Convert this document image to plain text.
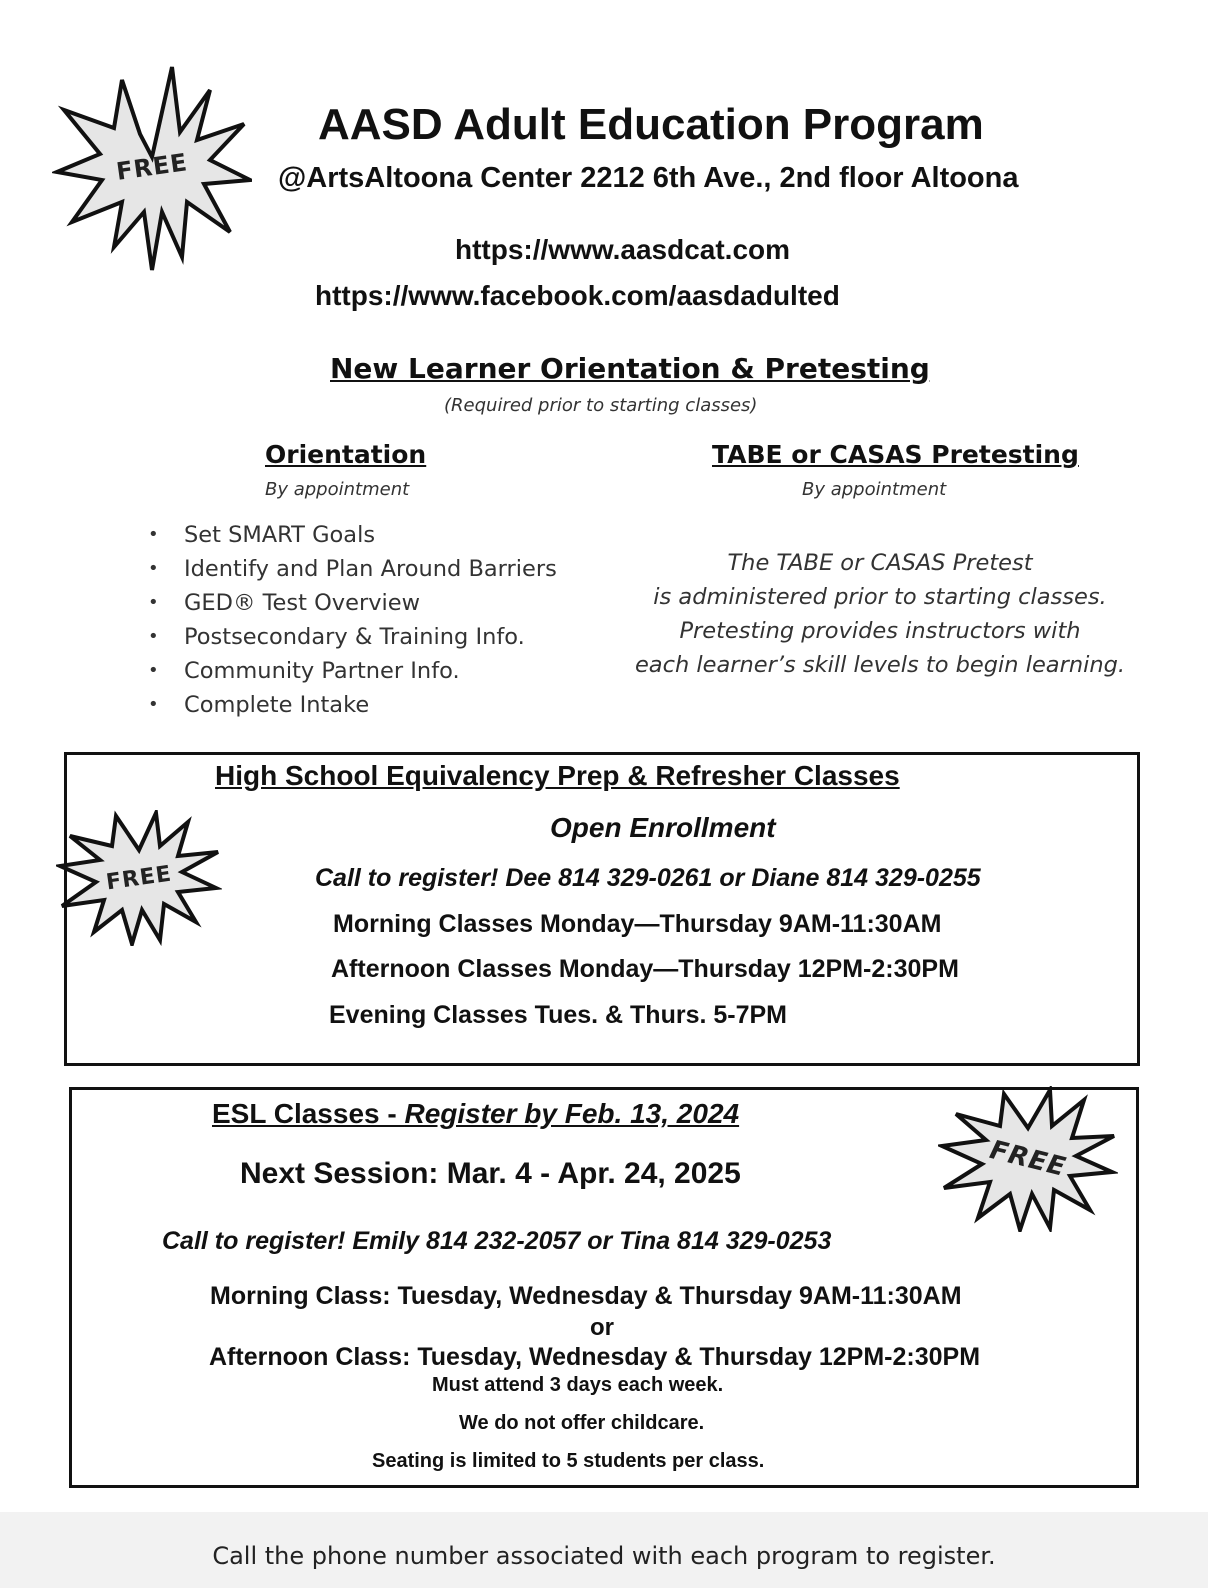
FREE
AASD Adult Education Program
@ArtsAltoona Center 2212 6th Ave., 2nd floor Altoona
https://www.aasdcat.com
https://www.facebook.com/aasdadulted
New Learner Orientation & Pretesting
(Required prior to starting classes)
Orientation
By appointment
• Set SMART Goals
• Identify and Plan Around Barriers
• GED® Test Overview
• Postsecondary & Training Info.
• Community Partner Info.
• Complete Intake
TABE or CASAS Pretesting
By appointment
The TABE or CASAS Pretest
is administered prior to starting classes.
Pretesting provides instructors with
each learner’s skill levels to begin learning.
FREE
High School Equivalency Prep & Refresher Classes
Open Enrollment
Call to register! Dee 814 329-0261 or Diane 814 329-0255
Morning Classes Monday—Thursday 9AM-11:30AM
Afternoon Classes Monday—Thursday 12PM-2:30PM
Evening Classes Tues. & Thurs. 5-7PM
FREE
ESL Classes - Register by Feb. 13, 2024
Next Session: Mar. 4 - Apr. 24, 2025
Call to register! Emily 814 232-2057 or Tina 814 329-0253
Morning Class: Tuesday, Wednesday & Thursday 9AM-11:30AM
or
Afternoon Class: Tuesday, Wednesday & Thursday 12PM-2:30PM
Must attend 3 days each week.
We do not offer childcare.
Seating is limited to 5 students per class.
Call the phone number associated with each program to register.
